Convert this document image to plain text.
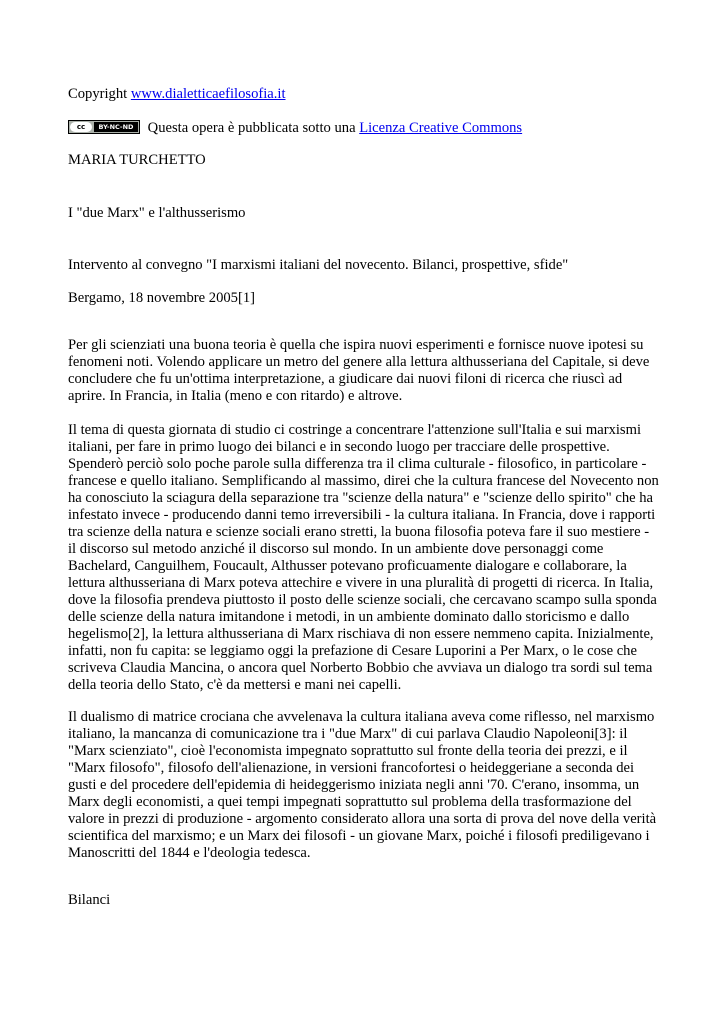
Copyright www.dialetticaefilosofia.it
cc	BY-NC-ND Questa opera è pubblicata sotto una Licenza Creative Commons
MARIA TURCHETTO
I "due Marx" e l'althusserismo
Intervento al convegno "I marxismi italiani del novecento. Bilanci, prospettive, sfide"
Bergamo, 18 novembre 2005[1]

Per gli scienziati una buona teoria è quella che ispira nuovi esperimenti e fornisce nuove ipotesi su fenomeni noti. Volendo applicare un metro del genere alla lettura althusseriana del Capitale, si deve concludere che fu un'ottima interpretazione, a giudicare dai nuovi filoni di ricerca che riuscì ad aprire. In Francia, in Italia (meno e con ritardo) e altrove.

Il tema di questa giornata di studio ci costringe a concentrare l'attenzione sull'Italia e sui marxismi italiani, per fare in primo luogo dei bilanci e in secondo luogo per tracciare delle prospettive. Spenderò perciò solo poche parole sulla differenza tra il clima culturale - filosofico, in particolare - francese e quello italiano. Semplificando al massimo, direi che la cultura francese del Novecento non ha conosciuto la sciagura della separazione tra "scienze della natura" e "scienze dello spirito" che ha infestato invece - producendo danni temo irreversibili - la cultura italiana. In Francia, dove i rapporti tra scienze della natura e scienze sociali erano stretti, la buona filosofia poteva fare il suo mestiere - il discorso sul metodo anziché il discorso sul mondo. In un ambiente dove personaggi come Bachelard, Canguilhem, Foucault, Althusser potevano proficuamente dialogare e collaborare, la lettura althusseriana di Marx poteva attechire e vivere in una pluralità di progetti di ricerca. In Italia, dove la filosofia prendeva piuttosto il posto delle scienze sociali, che cercavano scampo sulla sponda delle scienze della natura imitandone i metodi, in un ambiente dominato dallo storicismo e dallo hegelismo[2], la lettura althusseriana di Marx rischiava di non essere nemmeno capita. Inizialmente, infatti, non fu capita: se leggiamo oggi la prefazione di Cesare Luporini a Per Marx, o le cose che scriveva Claudia Mancina, o ancora quel Norberto Bobbio che avviava un dialogo tra sordi sul tema della teoria dello Stato, c'è da mettersi e mani nei capelli.

Il dualismo di matrice crociana che avvelenava la cultura italiana aveva come riflesso, nel marxismo italiano, la mancanza di comunicazione tra i "due Marx" di cui parlava Claudio Napoleoni[3]: il "Marx scienziato", cioè l'economista impegnato soprattutto sul fronte della teoria dei prezzi, e il "Marx filosofo", filosofo dell'alienazione, in versioni francofortesi o heideggeriane a seconda dei gusti e del procedere dell'epidemia di heideggerismo iniziata negli anni '70. C'erano, insomma, un Marx degli economisti, a quei tempi impegnati soprattutto sul problema della trasformazione del valore in prezzi di produzione - argomento considerato allora una sorta di prova del nove della verità scientifica del marxismo; e un Marx dei filosofi - un giovane Marx, poiché i filosofi prediligevano i Manoscritti del 1844 e l'deologia tedesca.

Bilanci
